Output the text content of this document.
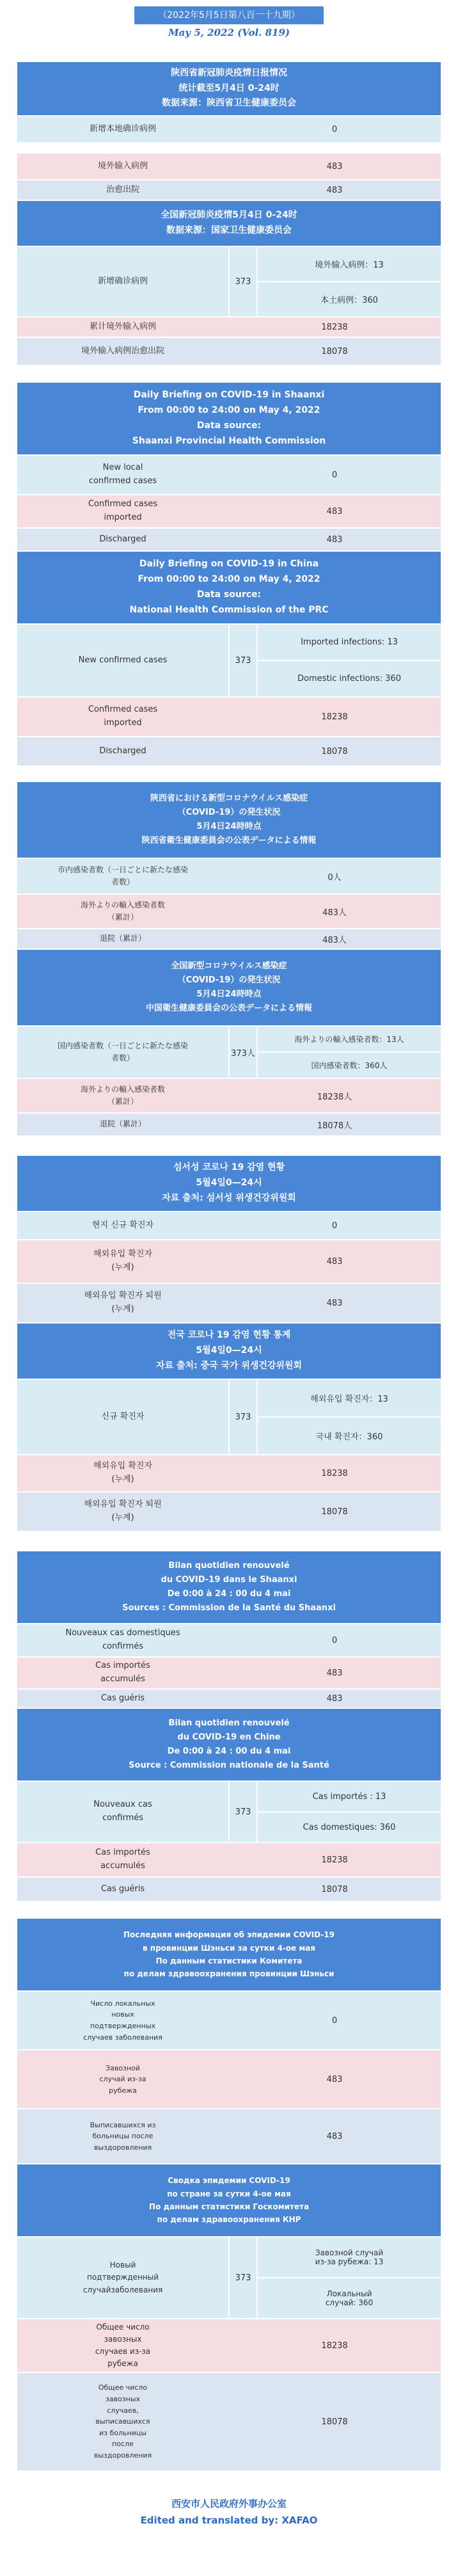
（2022年5月5日第八百一十九期）
May 5, 2022 (Vol. 819)
陕西省新冠肺炎疫情日报情况
统计截至5月4日 0-24时
数据来源：陕西省卫生健康委员会
新增本地确诊病例	0
境外输入病例	483
治愈出院	483
全国新冠肺炎疫情5月4日 0-24时
数据来源：国家卫生健康委员会
新增确诊病例	373
境外输入病例：13
本土病例：360
累计境外输入病例	18238
境外输入病例治愈出院	18078
Daily Briefing on COVID-19 in Shaanxi
From 00:00 to 24:00 on May 4, 2022
Data source:
Shaanxi Provincial Health Commission
New local confirmed cases
0
Confirmed cases imported
483
Discharged	483
Daily Briefing on COVID-19 in China
From 00:00 to 24:00 on May 4, 2022
Data source:
National Health Commission of the PRC
New confirmed cases	373
Imported infections: 13
Domestic infections: 360
Confirmed cases imported
18238
Discharged	18078
陕西省における新型コロナウイルス感染症
（COVID-19）の発生状況
5月4日24時時点
陕西省衛生健康委員会の公表データによる情報
市内感染者数（一日ごとに新たな感染者数）	0人
海外よりの輸入感染者数（累計）	483人
退院（累計）	483人
全国新型コロナウイルス感染症
（COVID-19）の発生状況
5月4日24時時点
中国衛生健康委員会の公表データによる情報
国内感染者数（一日ごとに新たな感染者数）	373人
海外よりの輸入感染者数：13人
国内感染者数：360人
海外よりの輸入感染者数（累計）	18238人
退院（累計）	18078人
섬서성 코로나 19 감염 현황
5월4일0—24시
자료 출처: 섬서성 위생건강위원회
현지 신규 확진자	0
해외유입 확진자 (누계)
483
해외유입 확진자 퇴원 (누계)
483
전국 코로나 19 감염 현황 통계
5월4일0—24시
자료 출처: 중국 국가 위생건강위원회
신규 확진자	373
해외유입 확진자：13
국내 확진자：360
해외유입 확진자 (누계)
18238
해외유입 확진자 퇴원 (누계)
18078
Bilan quotidien renouvelé
du COVID-19 dans le Shaanxi
De 0:00 à 24 : 00 du 4 mai
Sources : Commission de la Santé du Shaanxi
Nouveaux cas domestiques confirmés
0
Cas importés accumulés
483
Cas guéris	483
Bilan quotidien renouvelé
du COVID-19 en Chine
De 0:00 à 24 : 00 du 4 mai
Source : Commission nationale de la Santé
Nouveaux cas confirmés
373
Cas importés : 13
Cas domestiques: 360
Cas importés accumulés
18238
Cas guéris	18078
Последняя информация об эпидемии COVID-19
в провинции Шэньси за сутки 4-ое мая
По данным статистики Комитета
по делам здравоохранения провинции Шэньси
Число локальных новых подтвержденных случаев заболевания
0
Завозной случай из-за рубежа
483
Выписавшихся из больницы после выздоровления
483
Сводка эпидемии COVID-19
по стране за сутки 4-ое мая
По данным статистики Госкомитета
по делам здравоохранения КНР
Новый подтвержденный случайзаболевания
373
Завозной случай из-за рубежа: 13
Локальный случай: 360
Общее число завозных случаев из-за рубежа
18238
Общее число завозных случаев, выписавшихся из больницы после выздоровления
18078
西安市人民政府外事办公室
Edited and translated by: XAFAO
